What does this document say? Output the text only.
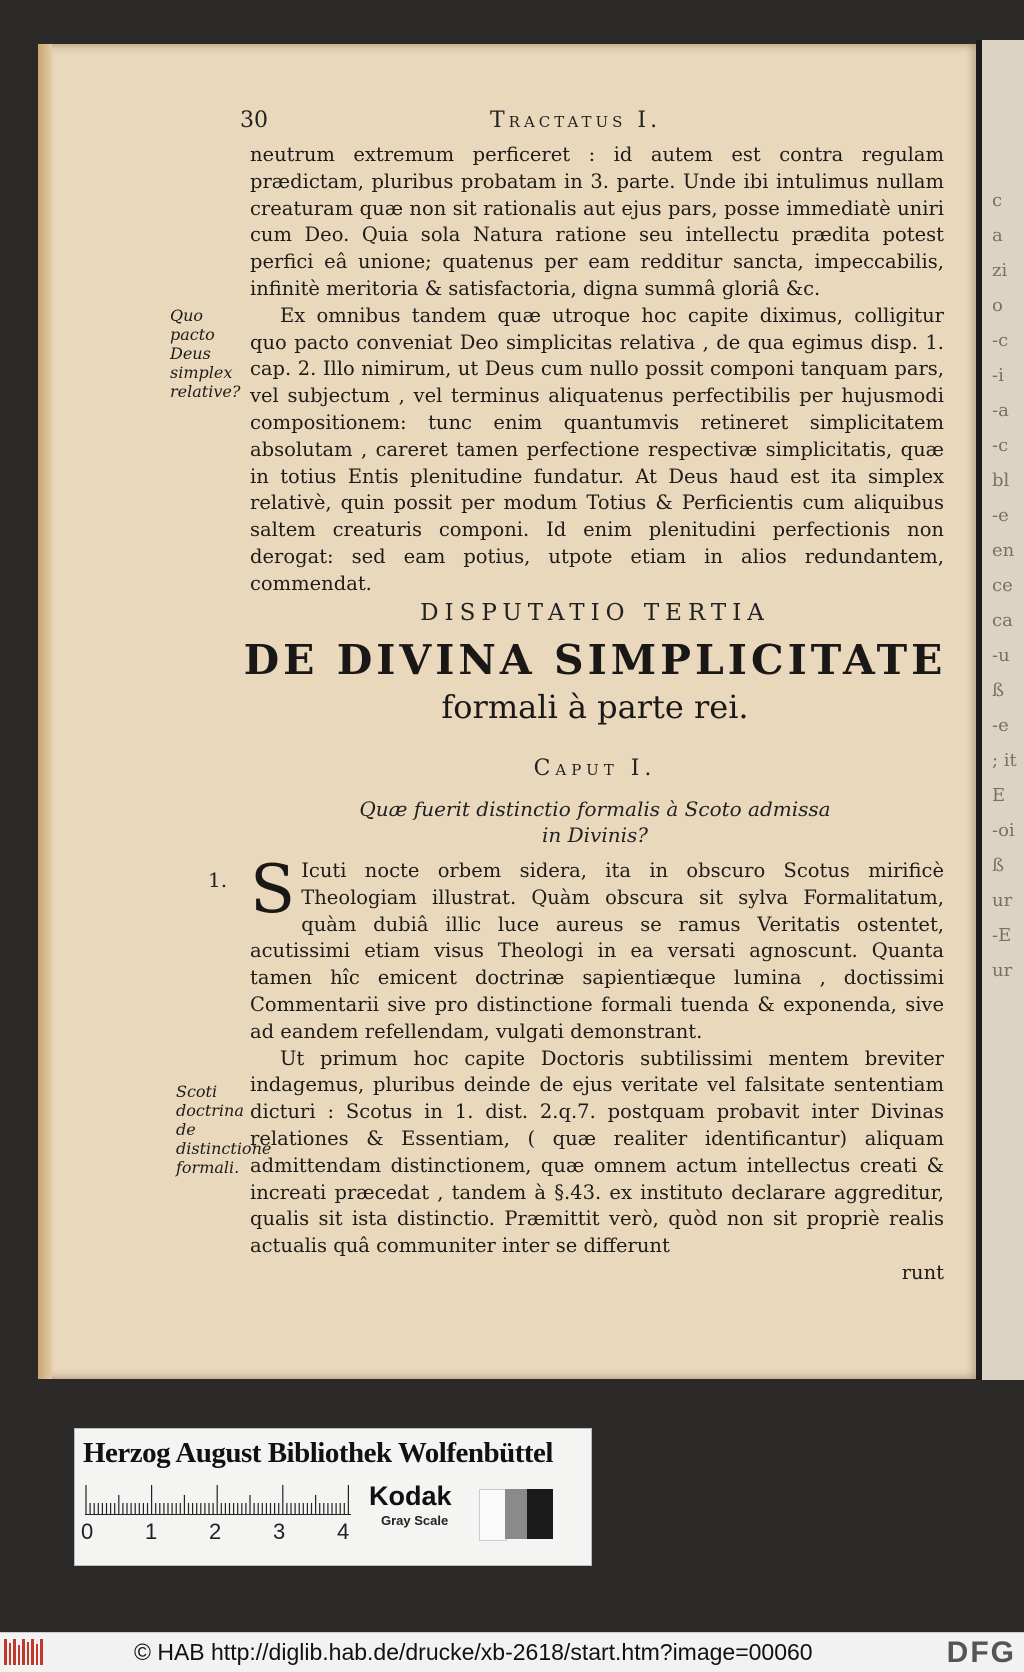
c
a
zi
o
-c
-i
-a
-c
bl
-e
en
ce
ca
-u
ß
-e
; it
E
-oi
ß
ur
-E
ur
30	Tractatus I.

neutrum extremum perficeret : id autem est contra regulam prædictam, pluribus probatam in 3. parte. Unde ibi intulimus nullam creaturam quæ non sit rationalis aut ejus pars, posse immediatè uniri cum Deo. Quia sola Natura ratione seu intellectu prædita potest perfici eâ unione; quatenus per eam redditur sancta, impeccabilis, infinitè meritoria & satisfactoria, digna summâ gloriâ &c.

Ex omnibus tandem quæ utroque hoc capite diximus, colligitur quo pacto conveniat Deo simplicitas relativa , de qua egimus disp. 1. cap. 2. Illo nimirum, ut Deus cum nullo possit componi tanquam pars, vel subjectum , vel terminus aliquatenus perfectibilis per hujusmodi compositionem: tunc enim quantumvis retineret simplicitatem absolutam , careret tamen perfectione respectivæ simplicitatis, quæ in totius Entis plenitudine fundatur. At Deus haud est ita simplex relativè, quin possit per modum Totius & Perficientis cum aliquibus saltem creaturis componi. Id enim plenitudini perfectionis non derogat: sed eam potius, utpote etiam in alios redundantem, commendat.

Quo pacto Deus simplex relative?
DISPUTATIO TERTIA
DE DIVINA SIMPLICITATE
formali à parte rei.
Caput I.
Quæ fuerit distinctio formalis à Scoto admissa
in Divinis?
1. S Icuti nocte orbem sidera, ita in obscuro Scotus mirificè Theologiam illustrat. Quàm obscura sit sylva Formalitatum, quàm dubiâ illic luce aureus se ramus Veritatis ostentet, acutissimi etiam visus Theologi in ea versati agnoscunt. Quanta tamen hîc emicent doctrinæ sapientiæque lumina , doctissimi Commentarii sive pro distinctione formali tuenda & exponenda, sive ad eandem refellendam, vulgati demonstrant.

Ut primum hoc capite Doctoris subtilissimi mentem breviter indagemus, pluribus deinde de ejus veritate vel falsitate sententiam dicturi : Scotus in 1. dist. 2.q.7. postquam probavit inter Divinas relationes & Essentiam, ( quæ realiter identificantur) aliquam admittendam distinctionem, quæ omnem actum intellectus creati & increati præcedat , tandem à §.43. ex instituto declarare aggreditur, qualis sit ista distinctio. Præmittit verò, quòd non sit propriè realis actualis quâ communiter inter se differunt

runt

Scoti doctrina de distinctione formali.
Herzog August Bibliothek Wolfenbüttel
0 1 2 3 4
Kodak
Gray Scale
© HAB http://diglib.hab.de/drucke/xb-2618/start.htm?image=00060	DFG
